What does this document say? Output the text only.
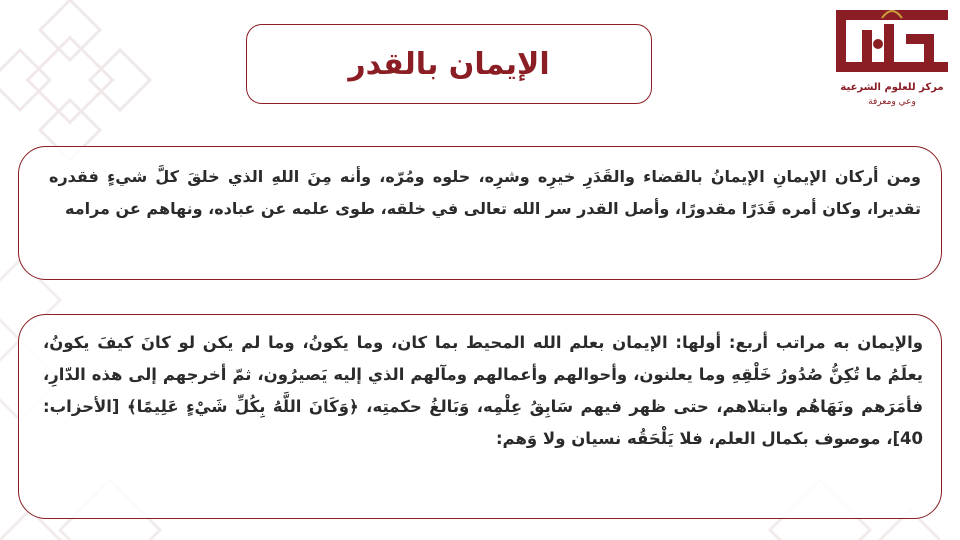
مركز للعلوم الشرعية
وعي ومعرفة
الإيمان بالقدر

ومن أركان الإيمانِ الإيمانُ بالقضاء والقَدَرِ خيرِه وشرِه، حلوه ومُرّه، وأنه مِنَ اللهِ الذي خلقَ كلَّ شيءٍ فقدره تقديرا، وكان أمره قَدَرًا مقدورًا، وأصل القدر سر الله تعالى في خلقه، طوى علمه عن عباده، ونهاهم عن مرامه

والإيمان به مراتب أربع: أولها: الإيمان بعلم الله المحيط بما كان، وما يكونُ، وما لم يكن لو كانَ كيفَ يكونُ، يعلَمُ ما تُكِنُّ صُدُورُ خَلْقِهِ وما يعلنون، وأحوالهم وأعمالهم ومآلهم الذي إليه يَصيرُون، ثمّ أخرجهم إلى هذه الدّارِ، فأمَرَهم ونَهَاهُم وابتلاهم، حتى ظهر فيهم سَابِقُ عِلْمِه، وَبَالغُ حكمتِه، ﴿وَكَانَ اللَّهُ بِكُلِّ شَيْءٍ عَلِيمًا﴾ [الأحزاب: 40]، موصوف بكمال العلم، فلا يَلْحَقُه نسيان ولا وَهم:
